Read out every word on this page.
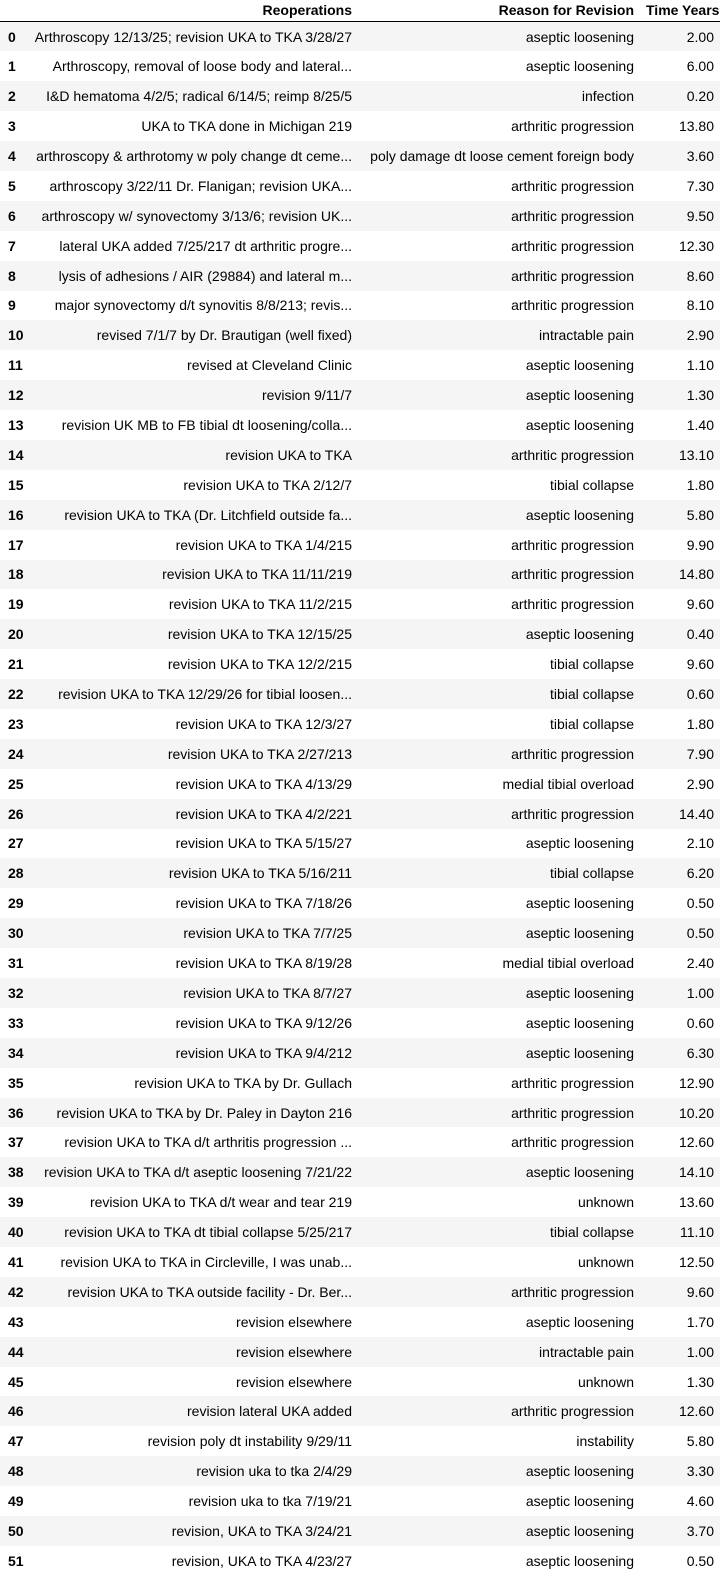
	Reoperations	Reason for Revision	Time Years
0	Arthroscopy 12/13/25; revision UKA to TKA 3/28/27	aseptic loosening	2.00
1	Arthroscopy, removal of loose body and lateral...	aseptic loosening	6.00
2	I&D hematoma 4/2/5; radical 6/14/5; reimp 8/25/5	infection	0.20
3	UKA to TKA done in Michigan 219	arthritic progression	13.80
4	arthroscopy & arthrotomy w poly change dt ceme...	poly damage dt loose cement foreign body	3.60
5	arthroscopy 3/22/11 Dr. Flanigan; revision UKA...	arthritic progression	7.30
6	arthroscopy w/ synovectomy 3/13/6; revision UK...	arthritic progression	9.50
7	lateral UKA added 7/25/217 dt arthritic progre...	arthritic progression	12.30
8	lysis of adhesions / AIR (29884) and lateral m...	arthritic progression	8.60
9	major synovectomy d/t synovitis 8/8/213; revis...	arthritic progression	8.10
10	revised 7/1/7 by Dr. Brautigan (well fixed)	intractable pain	2.90
11	revised at Cleveland Clinic	aseptic loosening	1.10
12	revision 9/11/7	aseptic loosening	1.30
13	revision UK MB to FB tibial dt loosening/colla...	aseptic loosening	1.40
14	revision UKA to TKA	arthritic progression	13.10
15	revision UKA to TKA 2/12/7	tibial collapse	1.80
16	revision UKA to TKA (Dr. Litchfield outside fa...	aseptic loosening	5.80
17	revision UKA to TKA 1/4/215	arthritic progression	9.90
18	revision UKA to TKA 11/11/219	arthritic progression	14.80
19	revision UKA to TKA 11/2/215	arthritic progression	9.60
20	revision UKA to TKA 12/15/25	aseptic loosening	0.40
21	revision UKA to TKA 12/2/215	tibial collapse	9.60
22	revision UKA to TKA 12/29/26 for tibial loosen...	tibial collapse	0.60
23	revision UKA to TKA 12/3/27	tibial collapse	1.80
24	revision UKA to TKA 2/27/213	arthritic progression	7.90
25	revision UKA to TKA 4/13/29	medial tibial overload	2.90
26	revision UKA to TKA 4/2/221	arthritic progression	14.40
27	revision UKA to TKA 5/15/27	aseptic loosening	2.10
28	revision UKA to TKA 5/16/211	tibial collapse	6.20
29	revision UKA to TKA 7/18/26	aseptic loosening	0.50
30	revision UKA to TKA 7/7/25	aseptic loosening	0.50
31	revision UKA to TKA 8/19/28	medial tibial overload	2.40
32	revision UKA to TKA 8/7/27	aseptic loosening	1.00
33	revision UKA to TKA 9/12/26	aseptic loosening	0.60
34	revision UKA to TKA 9/4/212	aseptic loosening	6.30
35	revision UKA to TKA by Dr. Gullach	arthritic progression	12.90
36	revision UKA to TKA by Dr. Paley in Dayton 216	arthritic progression	10.20
37	revision UKA to TKA d/t arthritis progression ...	arthritic progression	12.60
38	revision UKA to TKA d/t aseptic loosening 7/21/22	aseptic loosening	14.10
39	revision UKA to TKA d/t wear and tear 219	unknown	13.60
40	revision UKA to TKA dt tibial collapse 5/25/217	tibial collapse	11.10
41	revision UKA to TKA in Circleville, I was unab...	unknown	12.50
42	revision UKA to TKA outside facility - Dr. Ber...	arthritic progression	9.60
43	revision elsewhere	aseptic loosening	1.70
44	revision elsewhere	intractable pain	1.00
45	revision elsewhere	unknown	1.30
46	revision lateral UKA added	arthritic progression	12.60
47	revision poly dt instability 9/29/11	instability	5.80
48	revision uka to tka 2/4/29	aseptic loosening	3.30
49	revision uka to tka 7/19/21	aseptic loosening	4.60
50	revision, UKA to TKA 3/24/21	aseptic loosening	3.70
51	revision, UKA to TKA 4/23/27	aseptic loosening	0.50
